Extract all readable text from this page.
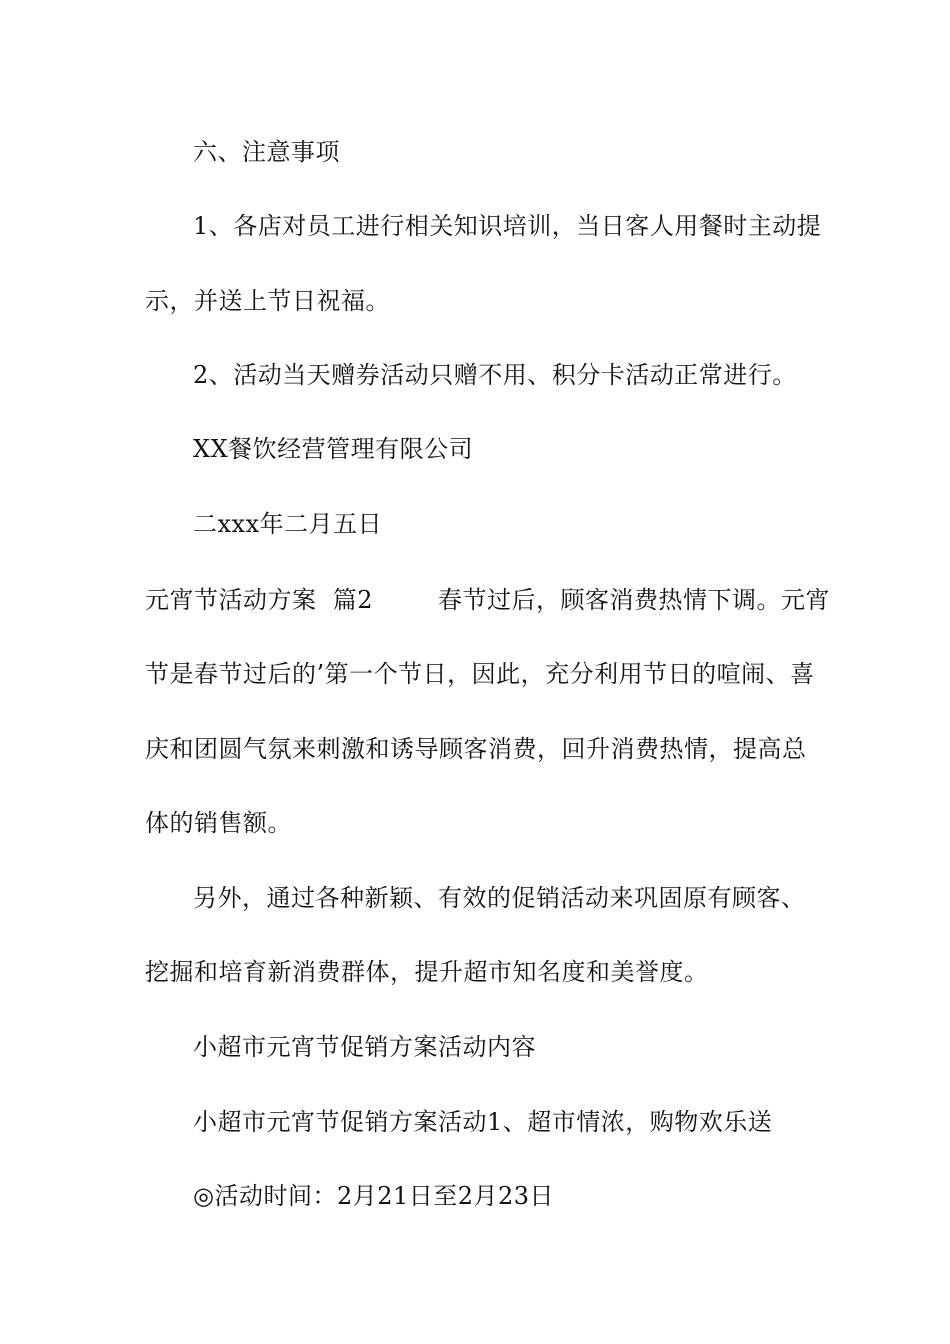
六、注意事项
1、各店对员工进行相关知识培训，当日客人用餐时主动提
示，并送上节日祝福。
2、活动当天赠券活动只赠不用、积分卡活动正常进行。
XX餐饮经营管理有限公司
二xxx年二月五日
元宵节活动方案  篇2        春节过后，顾客消费热情下调。元宵
节是春节过后的’第一个节日，因此，充分利用节日的喧闹、喜
庆和团圆气氛来刺激和诱导顾客消费，回升消费热情，提高总
体的销售额。
另外，通过各种新颖、有效的促销活动来巩固原有顾客、
挖掘和培育新消费群体，提升超市知名度和美誉度。
小超市元宵节促销方案活动内容
小超市元宵节促销方案活动1、超市情浓，购物欢乐送
◎活动时间：2月21日至2月23日
